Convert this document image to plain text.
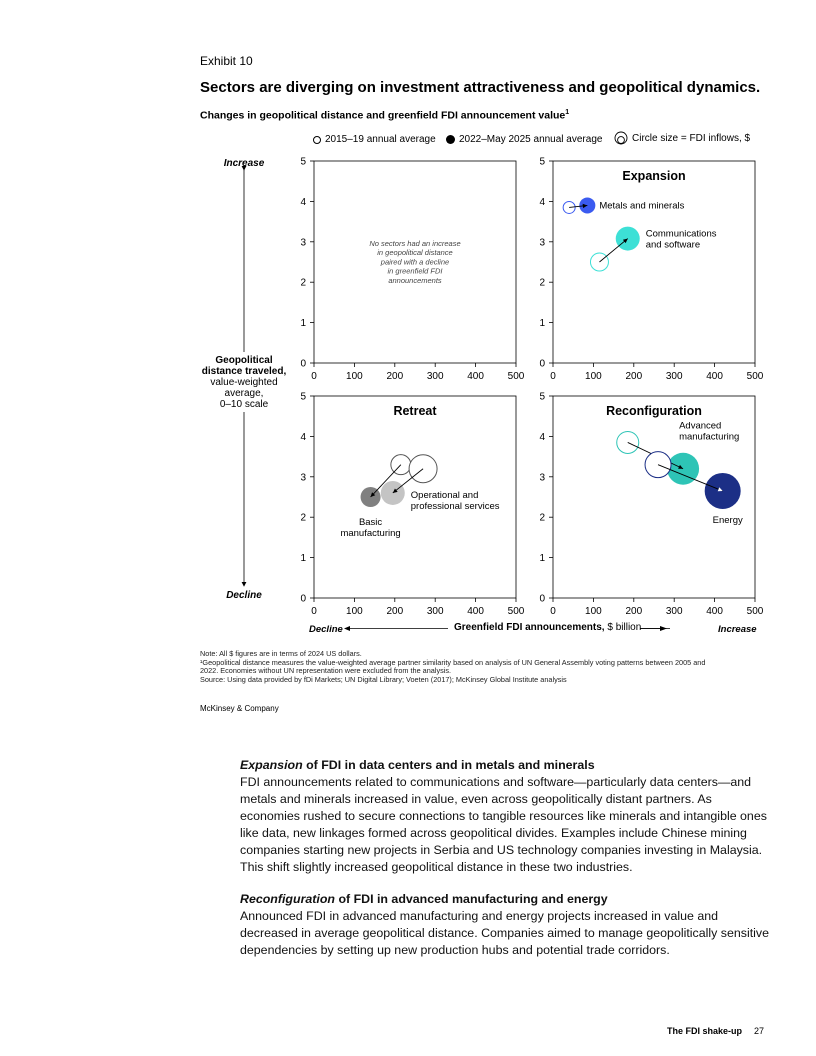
Exhibit 10
Sectors are diverging on investment attractiveness and geopolitical dynamics.
Changes in geopolitical distance and greenfield FDI announcement value$^1$
2015–19 annual average 2022–May 2025 annual average	Circle size = FDI inflows, $
Increase
Decline
Geopolitical distance traveled,
value-weighted
average,
0–10 scale
0
1
2
3
4
5
0	100 200 300 400 500
No sectors had an increase
in geopolitical distance
paired with a decline
in greenfield FDI
announcements
0
1
2
3
4
5
0	100 200 300 400 500
Expansion
Metals and minerals
Communications
and software
0
1
2
3
4
5
0	100 200 300 400 500
Retreat
Basic
manufacturing
Operational and
professional services
0
1
2
3
4
5
0	100 200 300 400 500
Reconfiguration
Advanced
manufacturing
Energy
Decline	Increase
Greenfield FDI announcements, $ billion
Note: All $ figures are in terms of 2024 US dollars.
¹Geopolitical distance measures the value-weighted average partner similarity based on analysis of UN General Assembly voting patterns between 2005 and
2022. Economies without UN representation were excluded from the analysis.
Source: Using data provided by fDi Markets; UN Digital Library; Voeten (2017); McKinsey Global Institute analysis
McKinsey & Company
Expansion of FDI in data centers and in metals and minerals

FDI announcements related to communications and software—particularly data centers—and metals and minerals increased in value, even across geopolitically distant partners. As economies rushed to secure connections to tangible resources like minerals and intangible ones like data, new linkages formed across geopolitical divides. Examples include Chinese mining companies starting new projects in Serbia and US technology companies investing in Malaysia. This shift slightly increased geopolitical distance in these two industries.

Reconfiguration of FDI in advanced manufacturing and energy

Announced FDI in advanced manufacturing and energy projects increased in value and decreased in average geopolitical distance. Companies aimed to manage geopolitically sensitive dependencies by setting up new production hubs and potential trade corridors.

The FDI shake-up 27
